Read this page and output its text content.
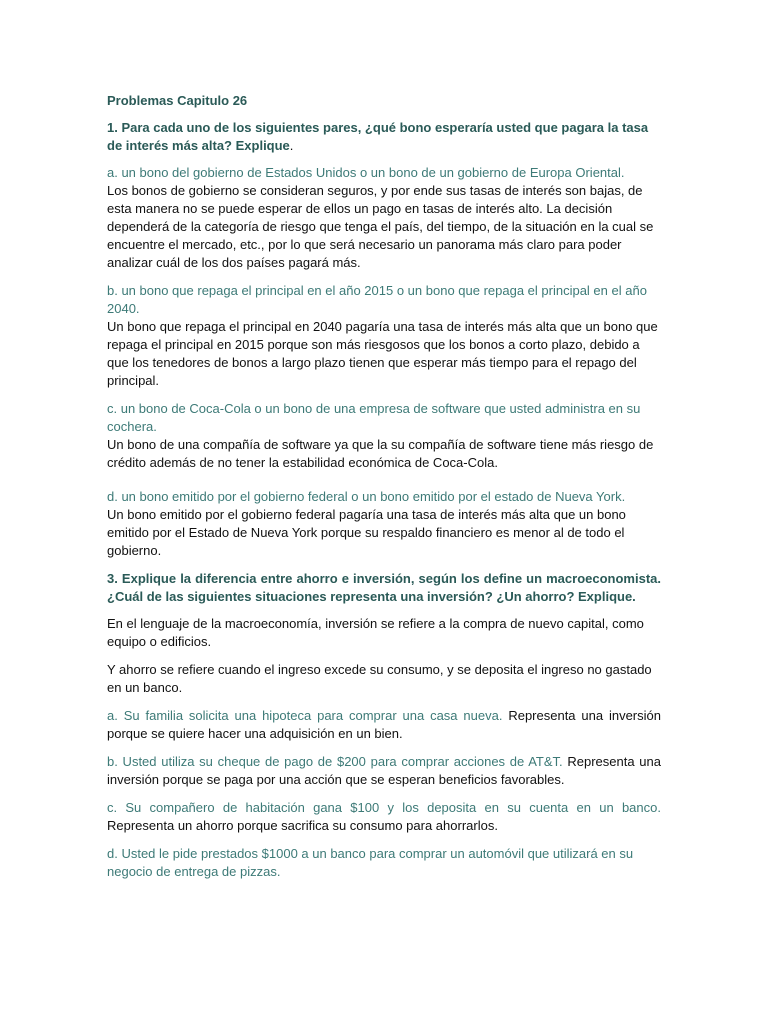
Problemas Capitulo 26
1. Para cada uno de los siguientes pares, ¿qué bono esperaría usted que pagara la tasa de interés más alta? Explique.
a. un bono del gobierno de Estados Unidos o un bono de un gobierno de Europa Oriental.
Los bonos de gobierno se consideran seguros, y por ende sus tasas de interés son bajas, de esta manera no se puede esperar de ellos un pago en tasas de interés alto. La decisión dependerá de la categoría de riesgo que tenga el país, del tiempo, de la situación en la cual se encuentre el mercado, etc., por lo que será necesario un panorama más claro para poder analizar cuál de los dos países pagará más.
b. un bono que repaga el principal en el año 2015 o un bono que repaga el principal en el año 2040.
Un bono que repaga el principal en 2040 pagaría una tasa de interés más alta que un bono que repaga el principal en 2015 porque son más riesgosos que los bonos a corto plazo, debido a que los tenedores de bonos a largo plazo tienen que esperar más tiempo para el repago del principal.
c. un bono de Coca-Cola o un bono de una empresa de software que usted administra en su cochera.
Un bono de una compañía de software ya que la su compañía de software tiene más riesgo de crédito además de no tener la estabilidad económica de Coca-Cola.
d. un bono emitido por el gobierno federal o un bono emitido por el estado de Nueva York.
Un bono emitido por el gobierno federal pagaría una tasa de interés más alta que un bono emitido por el Estado de Nueva York porque su respaldo financiero es menor al de todo el gobierno.
3. Explique la diferencia entre ahorro e inversión, según los define un macroeconomista. ¿Cuál de las siguientes situaciones representa una inversión? ¿Un ahorro? Explique.
En el lenguaje de la macroeconomía, inversión se refiere a la compra de nuevo capital, como equipo o edificios.
Y ahorro se refiere cuando el ingreso excede su consumo, y se deposita el ingreso no gastado en un banco.
a. Su familia solicita una hipoteca para comprar una casa nueva. Representa una inversión porque se quiere hacer una adquisición en un bien.
b. Usted utiliza su cheque de pago de $200 para comprar acciones de AT&T. Representa una inversión porque se paga por una acción que se esperan beneficios favorables.
c. Su compañero de habitación gana $100 y los deposita en su cuenta en un banco. Representa un ahorro porque sacrifica su consumo para ahorrarlos.
d. Usted le pide prestados $1000 a un banco para comprar un automóvil que utilizará en su negocio de entrega de pizzas.
